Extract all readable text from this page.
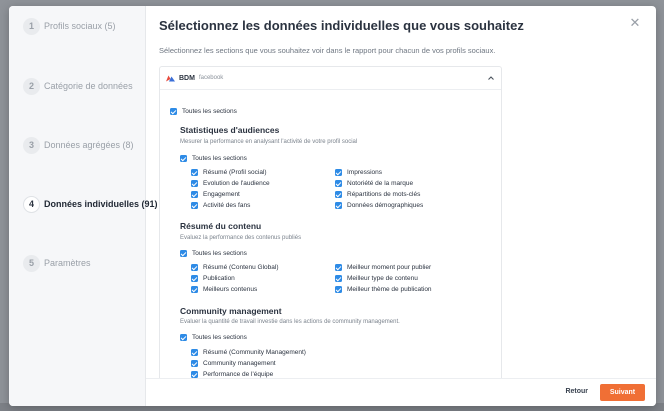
1	Profils sociaux (5)
2	Catégorie de données
3	Données agrégées (8)
4	Données individuelles (91)
5	Paramètres
Sélectionnez les données individuelles que vous souhaitez	✕
Sélectionnez les sections que vous souhaitez voir dans le rapport pour chacun de vos profils sociaux.
BDM facebook
Toutes les sections
Statistiques d'audiences
Mesurer la performance en analysant l'activité de votre profil social
Toutes les sections
Résumé (Profil social)
Evolution de l'audience
Engagement
Activité des fans
Impressions
Notoriété de la marque
Répartitions de mots-clés
Données démographiques
Résumé du contenu
Evaluez la performance des contenus publiés
Toutes les sections
Résumé (Contenu Global)
Publication
Meilleurs contenus
Meilleur moment pour publier
Meilleur type de contenu
Meilleur thème de publication
Community management
Evaluer la quantité de travail investie dans les actions de community management.
Toutes les sections
Résumé (Community Management)
Community management
Performance de l'équipe
Retour	Suivant
